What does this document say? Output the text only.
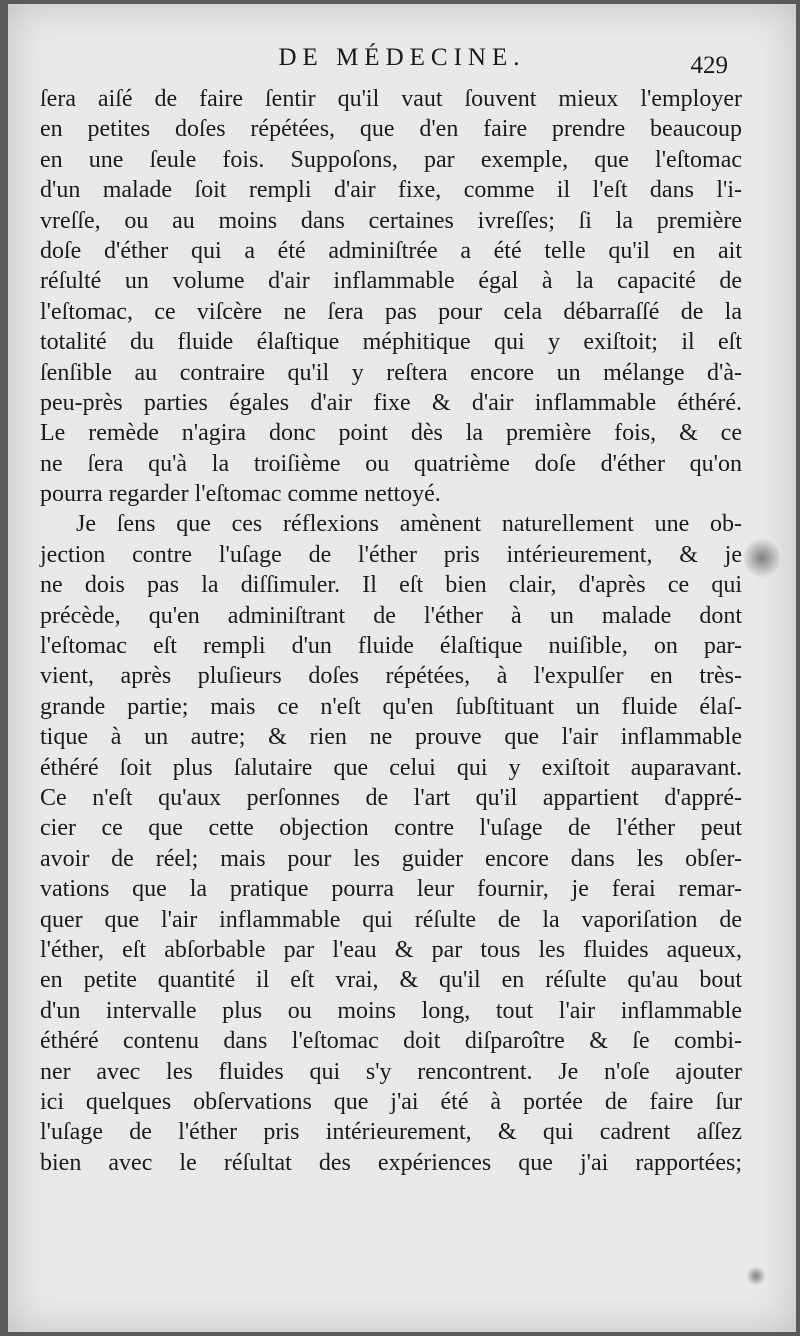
DE MÉDECINE.	429
ſera aiſé de faire ſentir qu'il vaut ſouvent mieux l'employer
en petites doſes répétées, que d'en faire prendre beaucoup
en une ſeule fois. Suppoſons, par exemple, que l'eſtomac
d'un malade ſoit rempli d'air fixe, comme il l'eſt dans l'i-
vreſſe, ou au moins dans certaines ivreſſes; ſi la première
doſe d'éther qui a été adminiſtrée a été telle qu'il en ait
réſulté un volume d'air inflammable égal à la capacité de
l'eſtomac, ce viſcère ne ſera pas pour cela débarraſſé de la
totalité du fluide élaſtique méphitique qui y exiſtoit; il eſt
ſenſible au contraire qu'il y reſtera encore un mélange d'à-
peu-près parties égales d'air fixe & d'air inflammable éthéré.
Le remède n'agira donc point dès la première fois, & ce
ne ſera qu'à la troiſième ou quatrième doſe d'éther qu'on
pourra regarder l'eſtomac comme nettoyé.
Je ſens que ces réflexions amènent naturellement une ob-
jection contre l'uſage de l'éther pris intérieurement, & je
ne dois pas la diſſimuler. Il eſt bien clair, d'après ce qui
précède, qu'en adminiſtrant de l'éther à un malade dont
l'eſtomac eſt rempli d'un fluide élaſtique nuiſible, on par-
vient, après pluſieurs doſes répétées, à l'expulſer en très-
grande partie; mais ce n'eſt qu'en ſubſtituant un fluide élaſ-
tique à un autre; & rien ne prouve que l'air inflammable
éthéré ſoit plus ſalutaire que celui qui y exiſtoit auparavant.
Ce n'eſt qu'aux perſonnes de l'art qu'il appartient d'appré-
cier ce que cette objection contre l'uſage de l'éther peut
avoir de réel; mais pour les guider encore dans les obſer-
vations que la pratique pourra leur fournir, je ferai remar-
quer que l'air inflammable qui réſulte de la vaporiſation de
l'éther, eſt abſorbable par l'eau & par tous les fluides aqueux,
en petite quantité il eſt vrai, & qu'il en réſulte qu'au bout
d'un intervalle plus ou moins long, tout l'air inflammable
éthéré contenu dans l'eſtomac doit diſparoître & ſe combi-
ner avec les fluides qui s'y rencontrent. Je n'oſe ajouter
ici quelques obſervations que j'ai été à portée de faire ſur
l'uſage de l'éther pris intérieurement, & qui cadrent aſſez
bien avec le réſultat des expériences que j'ai rapportées;
